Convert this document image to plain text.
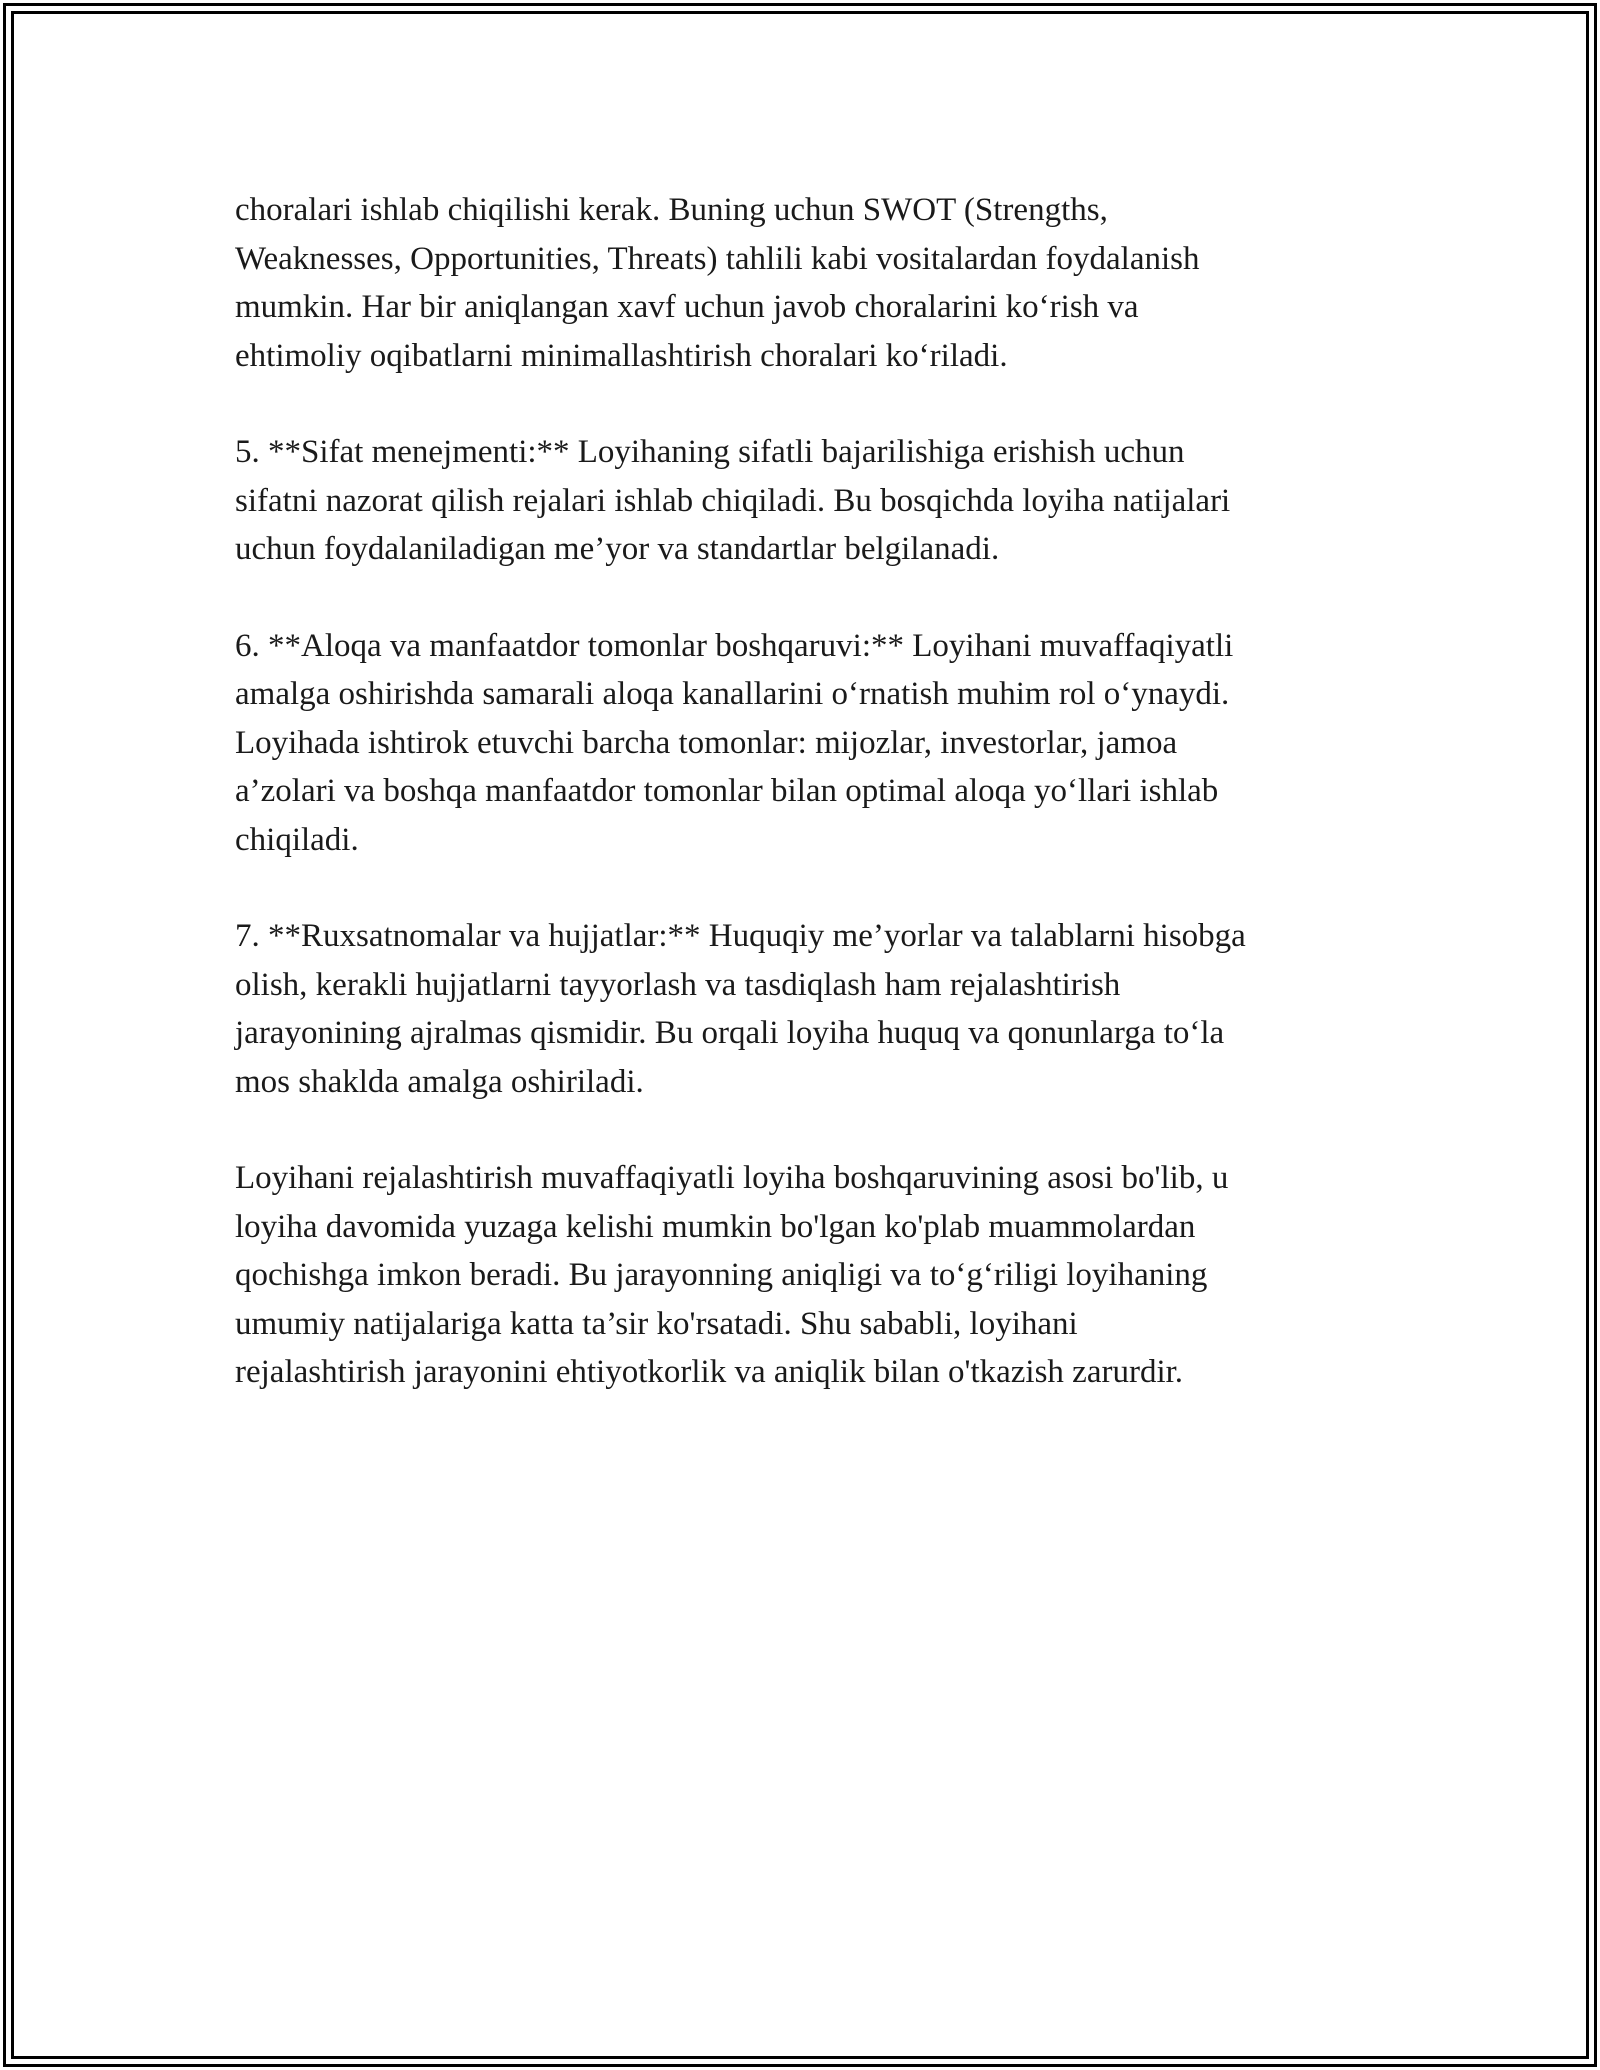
choralari ishlab chiqilishi kerak. Buning uchun SWOT (Strengths,
Weaknesses, Opportunities, Threats) tahlili kabi vositalardan foydalanish
mumkin. Har bir aniqlangan xavf uchun javob choralarini ko‘rish va
ehtimoliy oqibatlarni minimallashtirish choralari ko‘riladi.

5. **Sifat menejmenti:** Loyihaning sifatli bajarilishiga erishish uchun
sifatni nazorat qilish rejalari ishlab chiqiladi. Bu bosqichda loyiha natijalari
uchun foydalaniladigan me’yor va standartlar belgilanadi.

6. **Aloqa va manfaatdor tomonlar boshqaruvi:** Loyihani muvaffaqiyatli
amalga oshirishda samarali aloqa kanallarini o‘rnatish muhim rol o‘ynaydi.
Loyihada ishtirok etuvchi barcha tomonlar: mijozlar, investorlar, jamoa
a’zolari va boshqa manfaatdor tomonlar bilan optimal aloqa yo‘llari ishlab
chiqiladi.

7. **Ruxsatnomalar va hujjatlar:** Huquqiy me’yorlar va talablarni hisobga
olish, kerakli hujjatlarni tayyorlash va tasdiqlash ham rejalashtirish
jarayonining ajralmas qismidir. Bu orqali loyiha huquq va qonunlarga to‘la
mos shaklda amalga oshiriladi.

Loyihani rejalashtirish muvaffaqiyatli loyiha boshqaruvining asosi bo'lib, u
loyiha davomida yuzaga kelishi mumkin bo'lgan ko'plab muammolardan
qochishga imkon beradi. Bu jarayonning aniqligi va to‘g‘riligi loyihaning
umumiy natijalariga katta ta’sir ko'rsatadi. Shu sababli, loyihani
rejalashtirish jarayonini ehtiyotkorlik va aniqlik bilan o'tkazish zarurdir.
